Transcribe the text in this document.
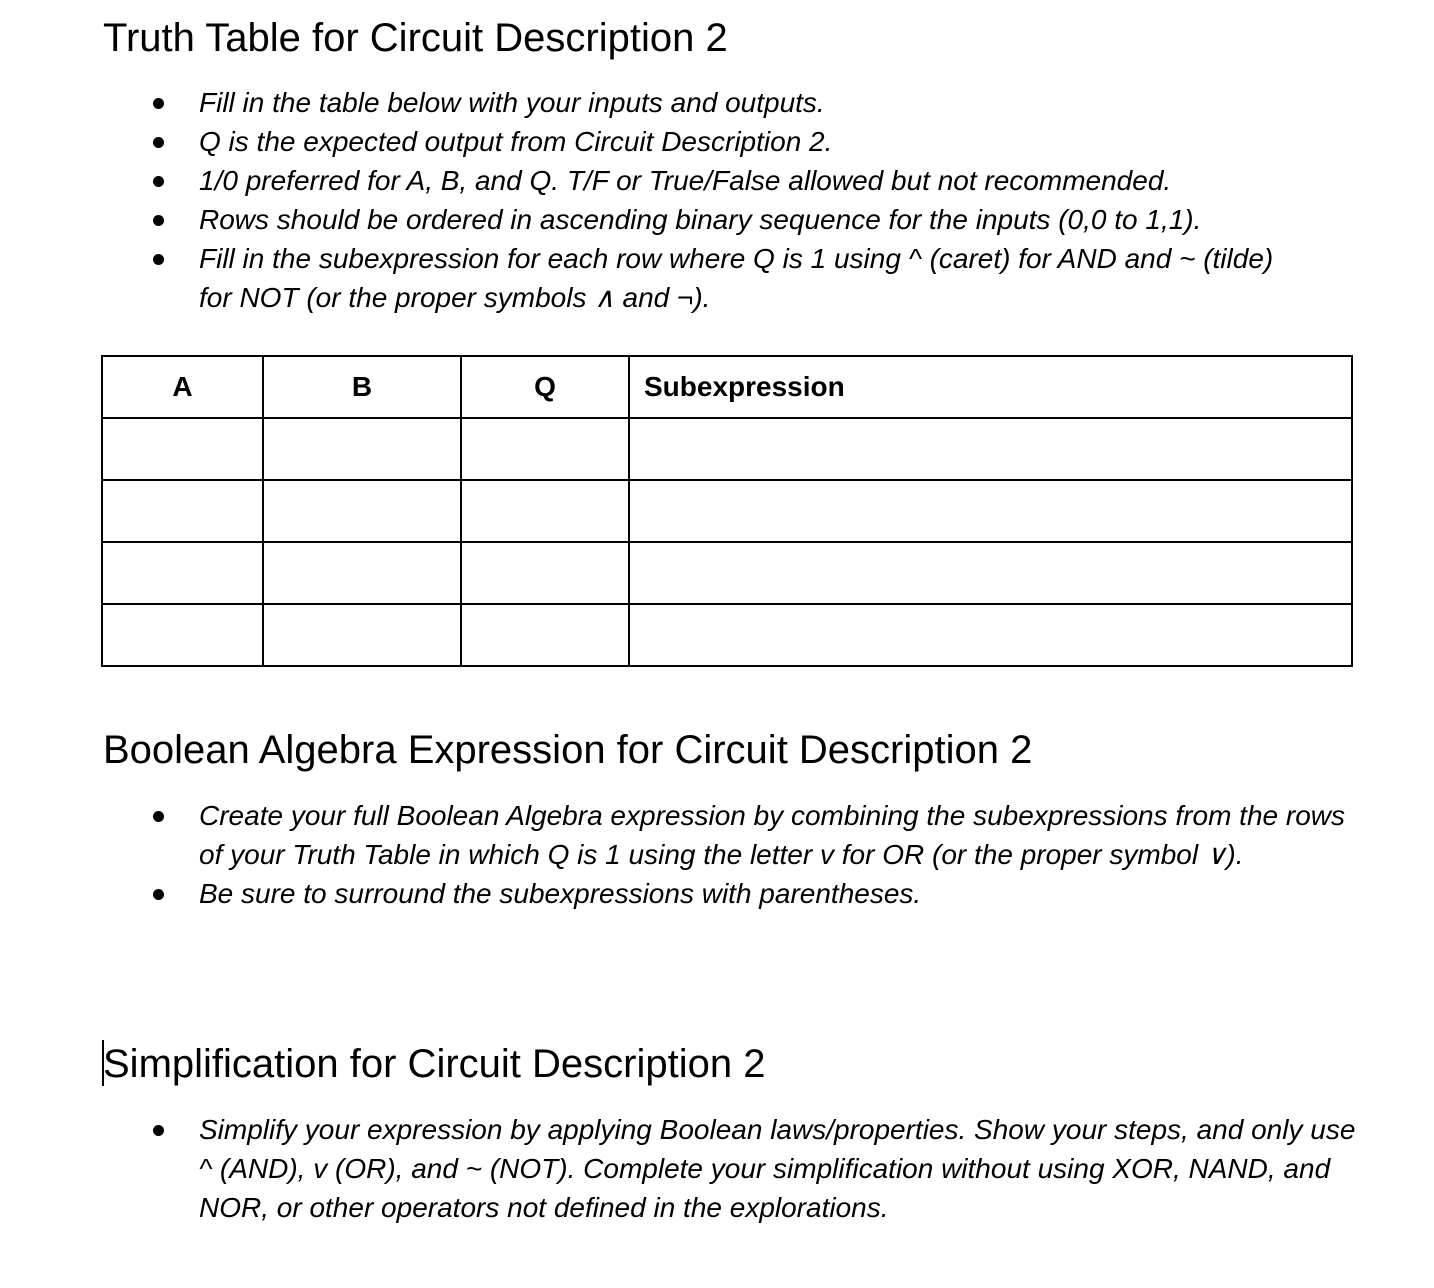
Truth Table for Circuit Description 2
Fill in the table below with your inputs and outputs.
Q is the expected output from Circuit Description 2.
1/0 preferred for A, B, and Q. T/F or True/False allowed but not recommended.
Rows should be ordered in ascending binary sequence for the inputs (0,0 to 1,1).
Fill in the subexpression for each row where Q is 1 using ^ (caret) for AND and ~ (tilde) for NOT (or the proper symbols ∧ and ¬).
A	B	Q	Subexpression

Boolean Algebra Expression for Circuit Description 2
Create your full Boolean Algebra expression by combining the subexpressions from the rows of your Truth Table in which Q is 1 using the letter v for OR (or the proper symbol ∨).
Be sure to surround the subexpressions with parentheses.
Simplification for Circuit Description 2
Simplify your expression by applying Boolean laws/properties. Show your steps, and only use ^ (AND), v (OR), and ~ (NOT). Complete your simplification without using XOR, NAND, and NOR, or other operators not defined in the explorations.
